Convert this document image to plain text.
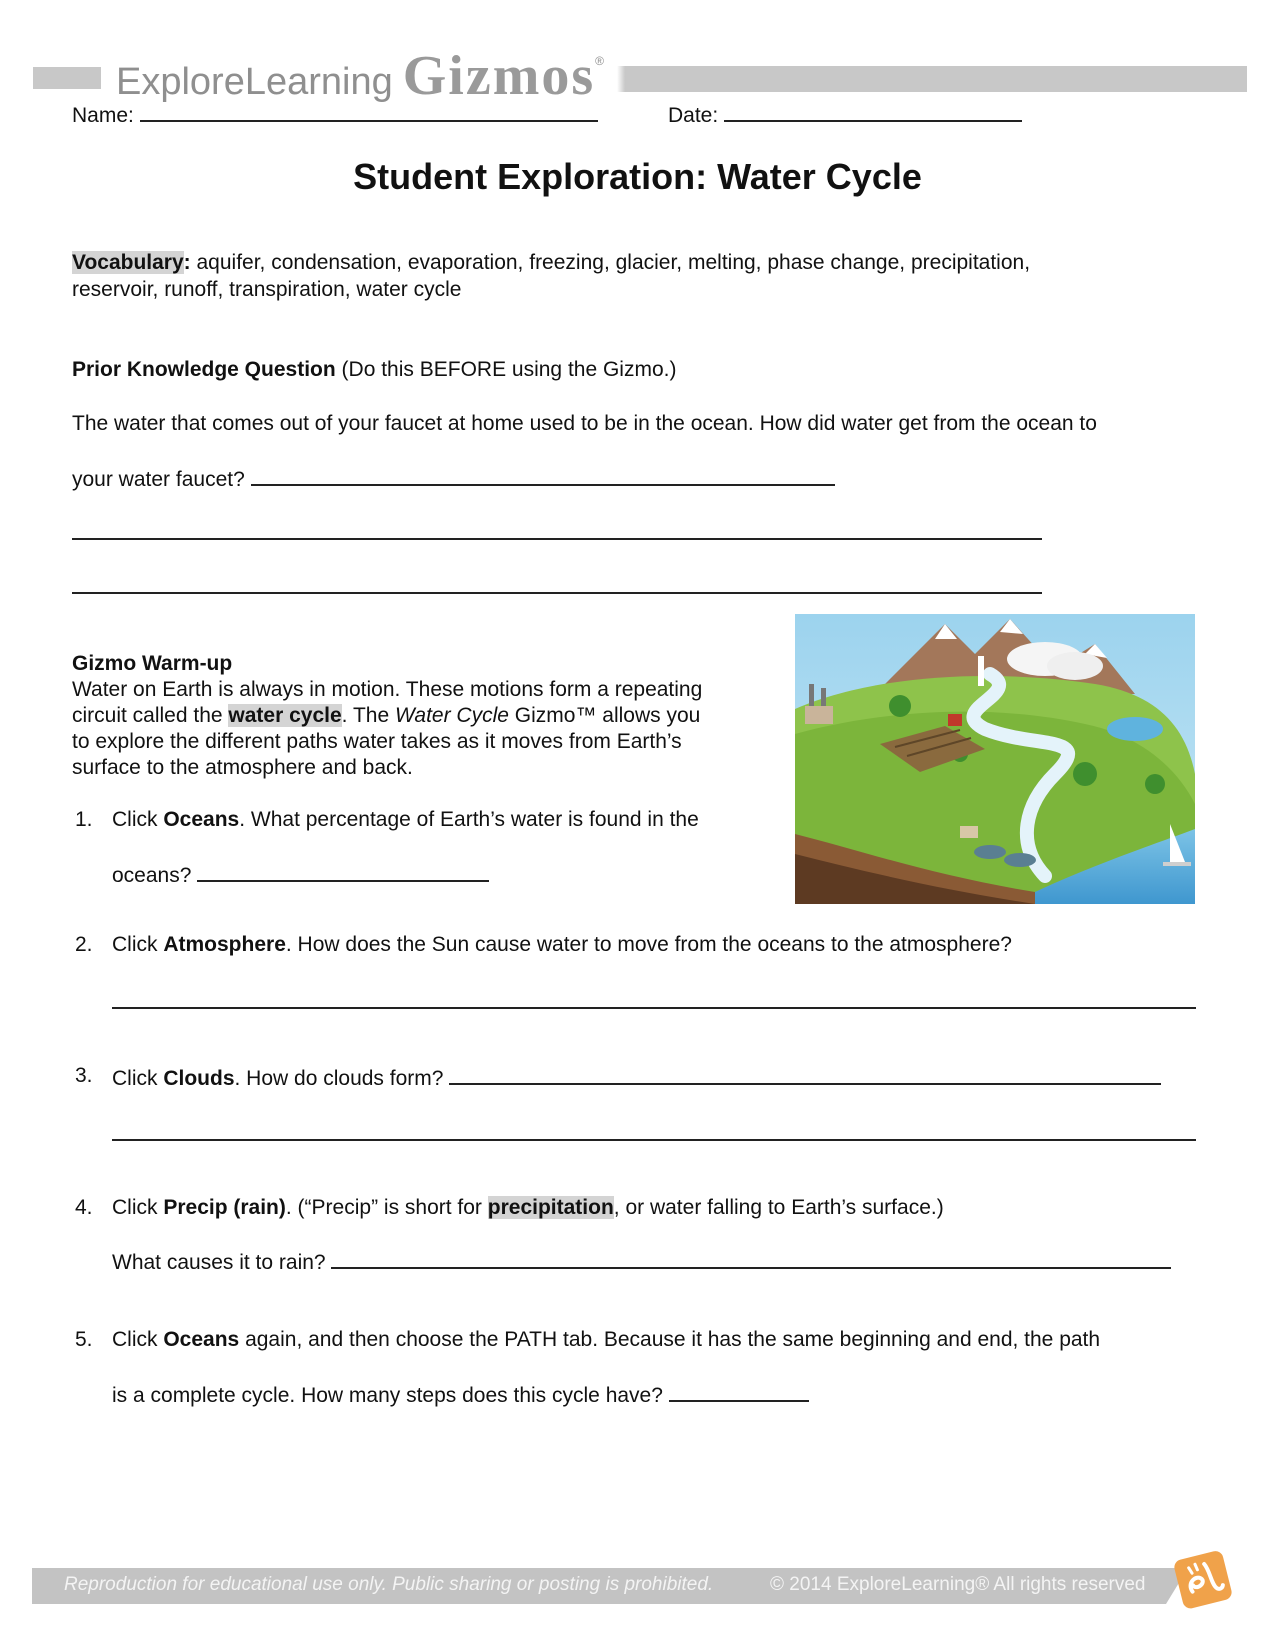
ExploreLearning Gizmos®
Name:	Date:
Student Exploration: Water Cycle
Vocabulary: aquifer, condensation, evaporation, freezing, glacier, melting, phase change, precipitation,
reservoir, runoff, transpiration, water cycle
Prior Knowledge Question (Do this BEFORE using the Gizmo.)
The water that comes out of your faucet at home used to be in the ocean. How did water get from the ocean to
your water faucet?
Gizmo Warm-up
Water on Earth is always in motion. These motions form a repeating
circuit called the water cycle. The Water Cycle Gizmo™ allows you
to explore the different paths water takes as it moves from Earth’s
surface to the atmosphere and back.
1. Click Oceans. What percentage of Earth’s water is found in the
oceans?
2. Click Atmosphere. How does the Sun cause water to move from the oceans to the atmosphere?
3. Click Clouds. How do clouds form?
4. Click Precip (rain). (“Precip” is short for precipitation, or water falling to Earth’s surface.)
What causes it to rain?
5. Click Oceans again, and then choose the PATH tab. Because it has the same beginning and end, the path
is a complete cycle. How many steps does this cycle have?
Reproduction for educational use only. Public sharing or posting is prohibited.	© 2014 ExploreLearning® All rights reserved
